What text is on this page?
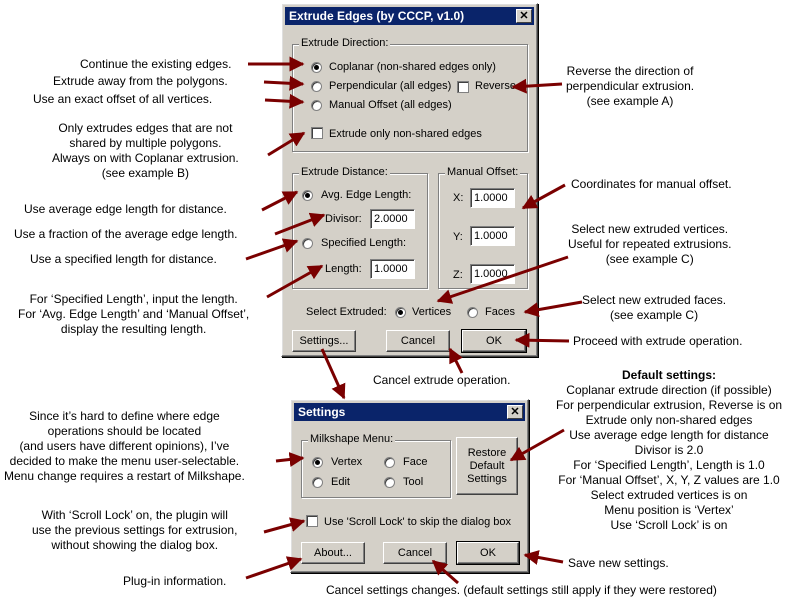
Extrude Edges (by CCCP, v1.0)	✕
Extrude Direction:
Coplanar (non-shared edges only)
Perpendicular (all edges) Reverse
Manual Offset (all edges)
Extrude only non-shared edges
Extrude Distance:
Avg. Edge Length:
Divisor:	2.0000
Specified Length:
Length:	1.0000
Manual Offset:
X: 1.0000
Y:	1.0000
Z:	1.0000
Select Extruded: Vertices	Faces
Settings...	Cancel	OK
Settings	✕
Milkshape Menu:
Vertex	Face
Edit	Tool
Restore
Default
Settings
Use 'Scroll Lock' to skip the dialog box
About...	Cancel	OK
Continue the existing edges.
Extrude away from the polygons.
Use an exact offset of all vertices.
Only extrudes edges that are not
shared by multiple polygons.
Always on with Coplanar extrusion.
(see example B)
Reverse the direction of
perpendicular extrusion.
(see example A)
Use average edge length for distance.
Use a fraction of the average edge length.
Use a specified length for distance.
For ‘Specified Length’, input the length.
For ‘Avg. Edge Length’ and ‘Manual Offset’,
display the resulting length.
Coordinates for manual offset.
Select new extruded vertices.
Useful for repeated extrusions.
(see example C)
Select new extruded faces.
(see example C)
Proceed with extrude operation.
Cancel extrude operation.	Default settings:
Coplanar extrude direction (if possible)
For perpendicular extrusion, Reverse is on
Extrude only non-shared edges
Use average edge length for distance
Divisor is 2.0
For ‘Specified Length’, Length is 1.0
For ‘Manual Offset’, X, Y, Z values are 1.0
Select extruded vertices is on
Menu position is ‘Vertex’
Use ‘Scroll Lock’ is on
Since it’s hard to define where edge
operations should be located
(and users have different opinions), I’ve
decided to make the menu user-selectable.
Menu change requires a restart of Milkshape.
With ‘Scroll Lock’ on, the plugin will
use the previous settings for extrusion,
without showing the dialog box.
Save new settings.
Plug-in information.
Cancel settings changes. (default settings still apply if they were restored)
